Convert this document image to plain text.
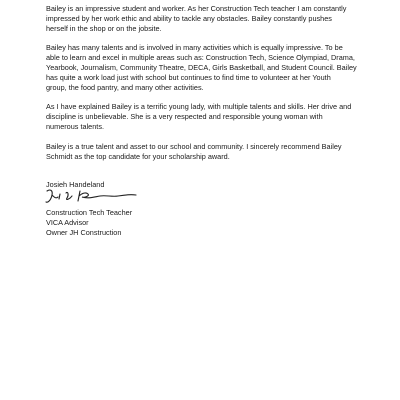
Bailey is an impressive student and worker. As her Construction Tech teacher I am constantly
impressed by her work ethic and ability to tackle any obstacles. Bailey constantly pushes
herself in the shop or on the jobsite.

Bailey has many talents and is involved in many activities which is equally impressive. To be
able to learn and excel in multiple areas such as: Construction Tech, Science Olympiad, Drama,
Yearbook, Journalism, Community Theatre, DECA, Girls Basketball, and Student Council. Bailey
has quite a work load just with school but continues to find time to volunteer at her Youth
group, the food pantry, and many other activities.

As I have explained Bailey is a terrific young lady, with multiple talents and skills. Her drive and
discipline is unbelievable. She is a very respected and responsible young woman with
numerous talents.

Bailey is a true talent and asset to our school and community. I sincerely recommend Bailey
Schmidt as the top candidate for your scholarship award.

Josieh Handeland
Construction Tech Teacher
VICA Advisor
Owner JH Construction
